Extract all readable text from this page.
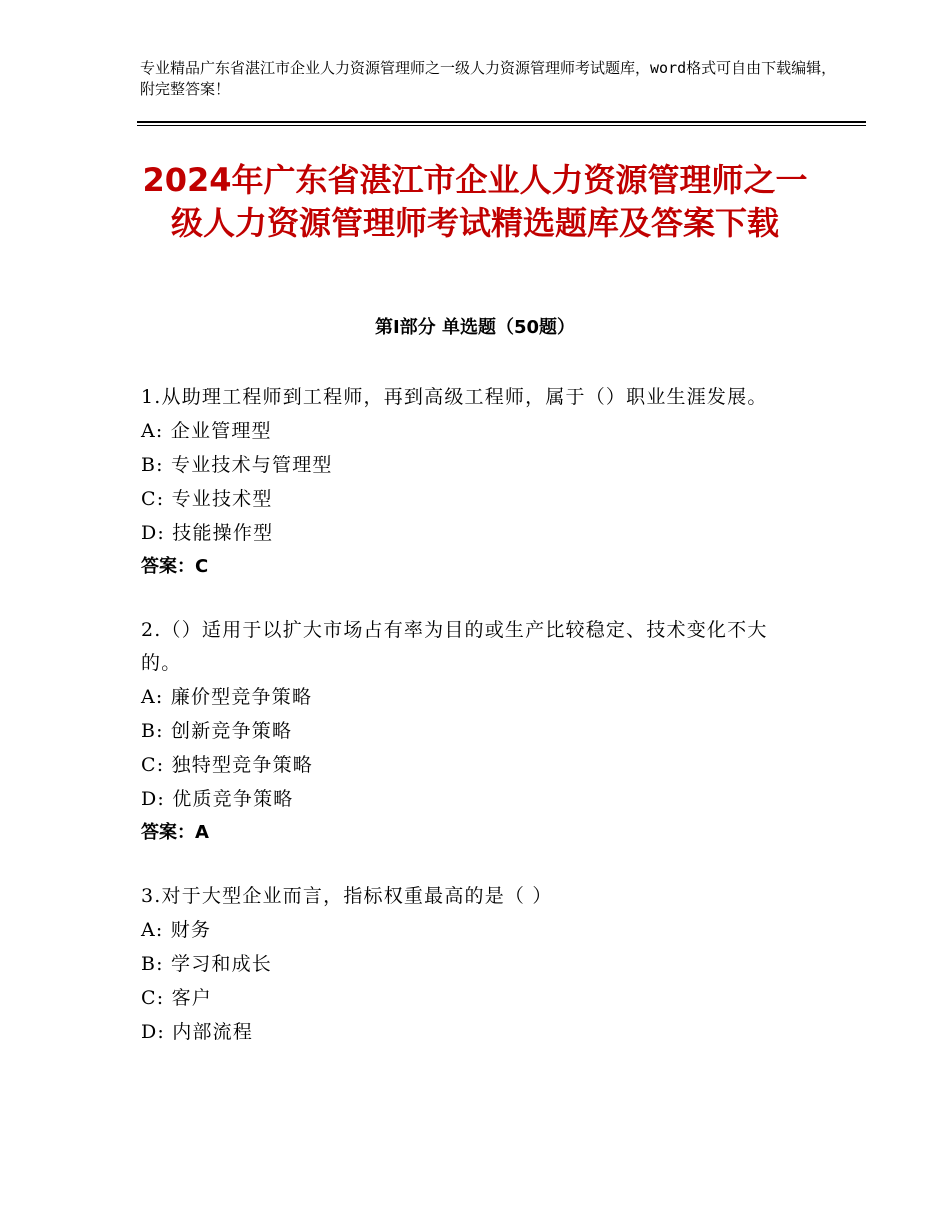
专业精品广东省湛江市企业人力资源管理师之一级人力资源管理师考试题库，word格式可自由下载编辑，附完整答案！
2024年广东省湛江市企业人力资源管理师之一级人力资源管理师考试精选题库及答案下载
第Ⅰ部分 单选题（50题）

1.从助理工程师到工程师，再到高级工程师，属于（）职业生涯发展。

A: 企业管理型

B: 专业技术与管理型

C: 专业技术型

D: 技能操作型

答案：C

2.（）适用于以扩大市场占有率为目的或生产比较稳定、技术变化不大的。

A: 廉价型竞争策略

B: 创新竞争策略

C: 独特型竞争策略

D: 优质竞争策略

答案：A

3.对于大型企业而言，指标权重最高的是（ ）

A: 财务

B: 学习和成长

C: 客户

D: 内部流程
